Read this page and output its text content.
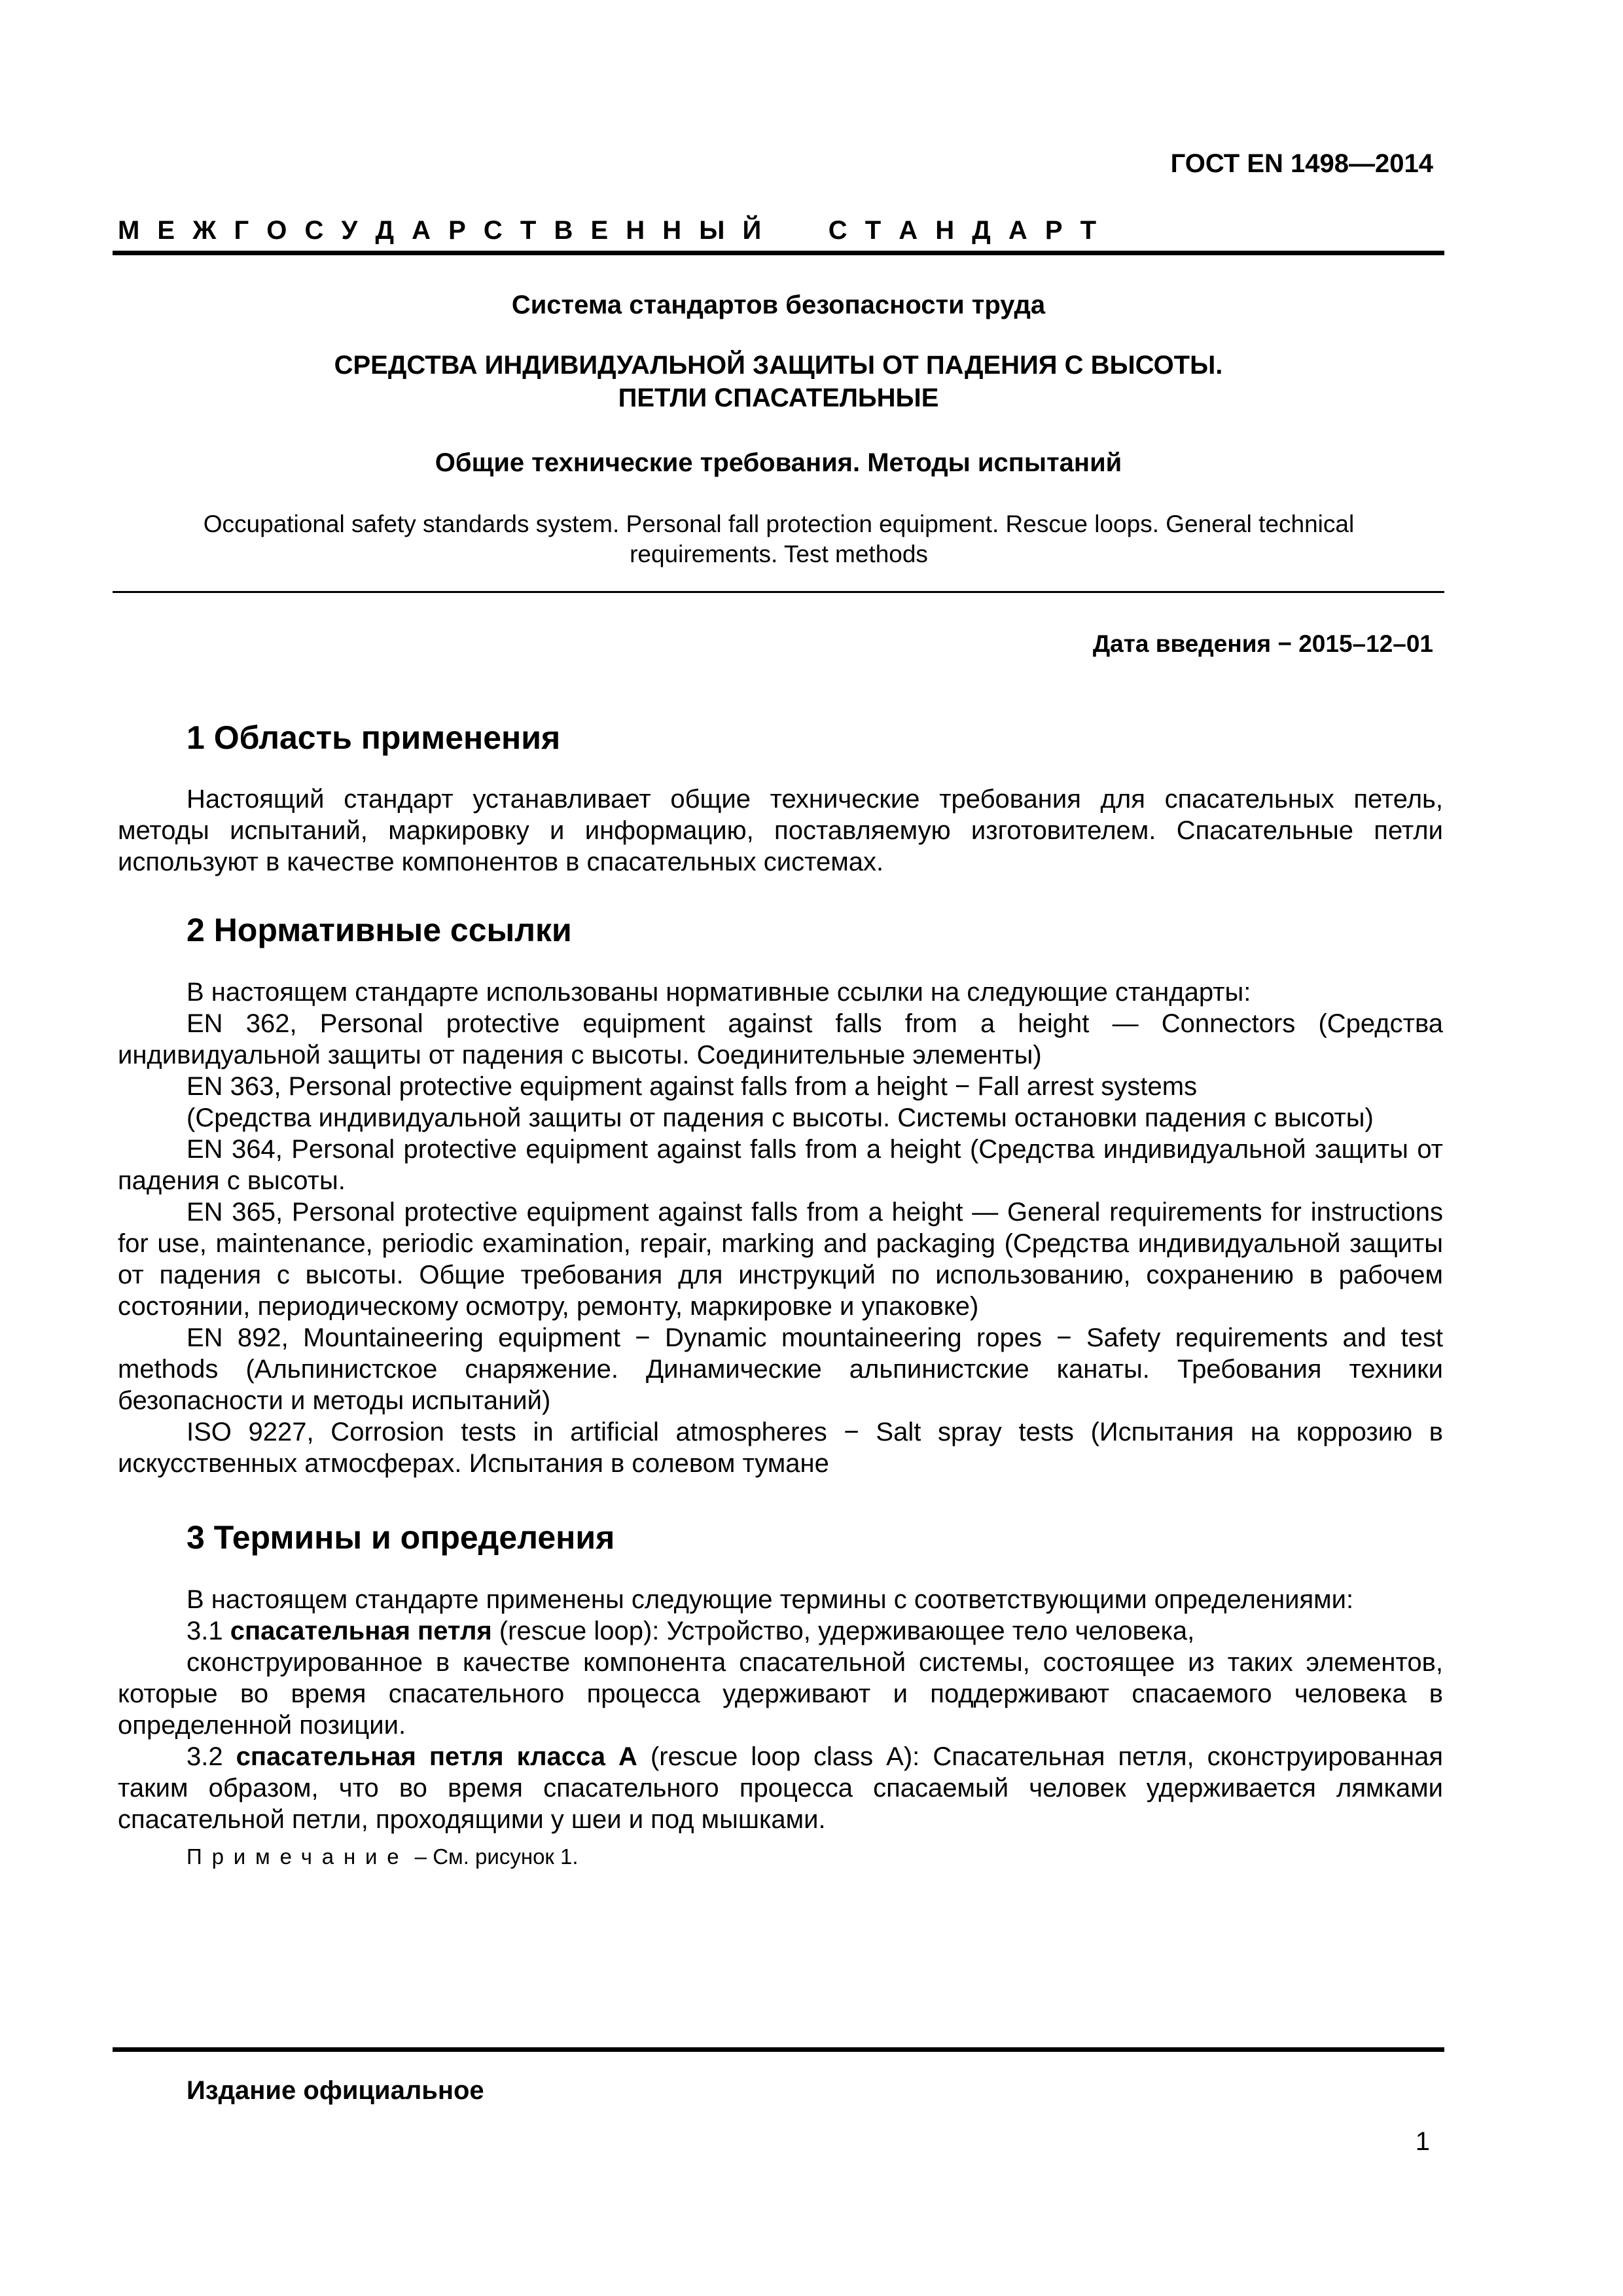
ГОСТ EN 1498—2014
М Е Ж Г О С У Д А Р С Т В Е Н Н Ы Й    С Т А Н Д А Р Т
Система стандартов безопасности труда
СРЕДСТВА ИНДИВИДУАЛЬНОЙ ЗАЩИТЫ ОТ ПАДЕНИЯ С ВЫСОТЫ.
ПЕТЛИ СПАСАТЕЛЬНЫЕ
Общие технические требования. Методы испытаний
Occupational safety standards system. Personal fall protection equipment. Rescue loops. General technical requirements. Test methods
Дата введения − 2015–12–01
1 Область применения

Настоящий стандарт устанавливает общие технические требования для спасательных петель, методы испытаний, маркировку и информацию, поставляемую изготовителем. Спасательные петли используют в качестве компонентов в спасательных системах.

2 Нормативные ссылки

В настоящем стандарте использованы нормативные ссылки на следующие стандарты:

EN 362, Personal protective equipment against falls from a height — Connectors (Средства индивидуальной защиты от падения с высоты. Соединительные элементы)

EN 363, Personal protective equipment against falls from a height − Fall arrest systems

(Средства индивидуальной защиты от падения с высоты. Системы остановки падения с высоты)

EN 364, Personal protective equipment against falls from a height (Средства индивидуальной защиты от падения с высоты.

EN 365, Personal protective equipment against falls from a height — General requirements for instructions for use, maintenance, periodic examination, repair, marking and packaging (Средства индивидуальной защиты от падения с высоты. Общие требования для инструкций по использованию, сохранению в рабочем состоянии, периодическому осмотру, ремонту, маркировке и упаковке)

EN 892, Mountaineering equipment − Dynamic mountaineering ropes − Safety requirements and test methods (Альпинистское снаряжение. Динамические альпинистские канаты. Требования техники безопасности и методы испытаний)

ISO 9227, Corrosion tests in artificial atmospheres − Salt spray tests (Испытания на коррозию в искусственных атмосферах. Испытания в солевом тумане

3 Термины и определения

В настоящем стандарте применены следующие термины с соответствующими определениями:

3.1 спасательная петля (rescue loop): Устройство, удерживающее тело человека,

сконструированное в качестве компонента спасательной системы, состоящее из таких элементов, которые во время спасательного процесса удерживают и поддерживают спасаемого человека в определенной позиции.

3.2 спасательная петля класса А (rescue loop class А): Спасательная петля, сконструированная таким образом, что во время спасательного процесса спасаемый человек удерживается лямками спасательной петли, проходящими у шеи и под мышками.

Примечание – См. рисунок 1.
Издание официальное
1
